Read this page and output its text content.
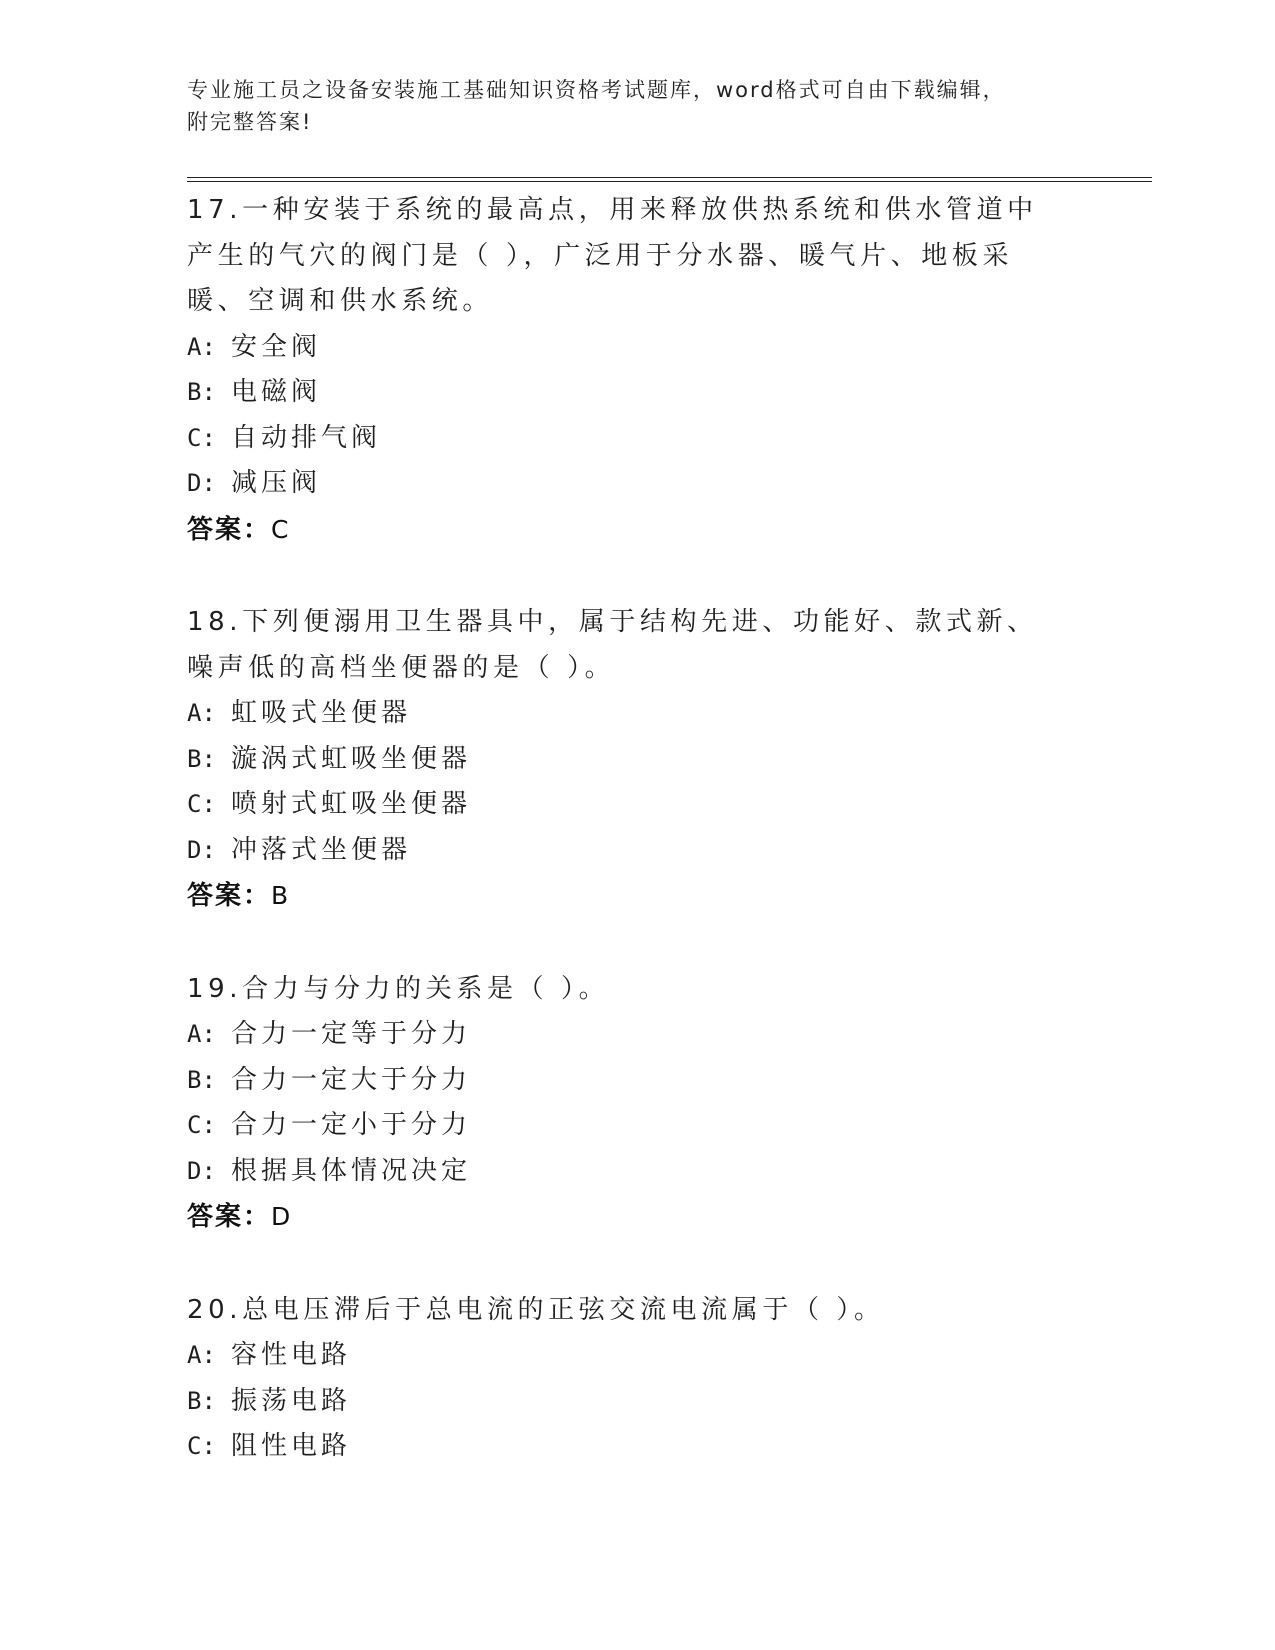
专业施工员之设备安装施工基础知识资格考试题库，word格式可自由下载编辑，
附完整答案!
17.一种安装于系统的最高点，用来释放供热系统和供水管道中产生的气穴的阀门是（ ），广泛用于分水器、暖气片、地板采暖、空调和供水系统。
A: 安全阀
B: 电磁阀
C: 自动排气阀
D: 减压阀
答案：C
18.下列便溺用卫生器具中，属于结构先进、功能好、款式新、噪声低的高档坐便器的是（ ）。
A: 虹吸式坐便器
B: 漩涡式虹吸坐便器
C: 喷射式虹吸坐便器
D: 冲落式坐便器
答案：B
19.合力与分力的关系是（ ）。
A: 合力一定等于分力
B: 合力一定大于分力
C: 合力一定小于分力
D: 根据具体情况决定
答案：D
20.总电压滞后于总电流的正弦交流电流属于（ ）。
A: 容性电路
B: 振荡电路
C: 阻性电路
